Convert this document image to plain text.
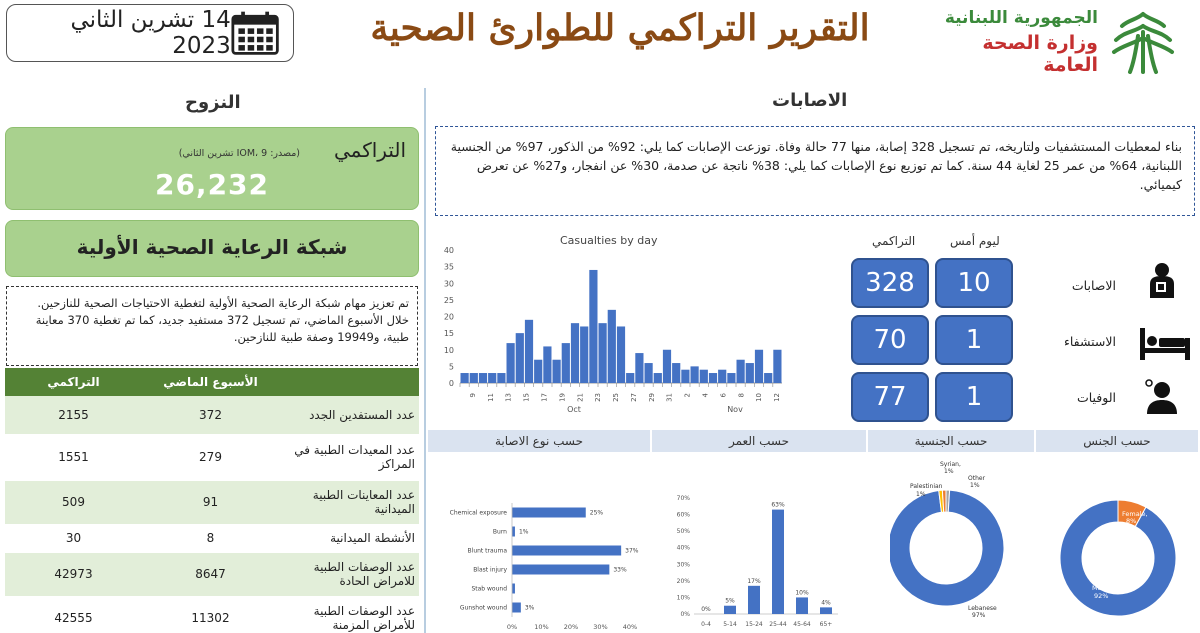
14 تشرين الثاني 2023	التقرير التراكمي للطوارئ الصحية	الجمهورية اللبنانية
وزارة الصحة العامة
النزوح
التراكمي
(مصدر: IOM، 9 تشرين الثاني)
26,232
شبكة الرعاية الصحية الأولية
تم تعزيز مهام شبكة الرعاية الصحية الأولية لتغطية الاحتياجات الصحية للنازحين. خلال الأسبوع الماضي، تم تسجيل 372 مستفيد جديد، كما تم تغطية 370 معاينة طبية، و19949 وصفة طبية للنازحين.
التراكمي	الأسبوع الماضي	
2155	372	عدد المستفدين الجدد
1551	279	عدد المعيدات الطبية في المراكز
509	91	عدد المعاينات الطبية الميدانية
30	8	الأنشطة الميدانية
42973	8647	عدد الوصفات الطبية للامراض الحادة
42555	11302	عدد الوصفات الطبية للأمراض المزمنة
الاصابات
بناء لمعطيات المستشفيات ولتاريخه، تم تسجيل 328 إصابة، منها 77 حالة وفاة. توزعت الإصابات كما يلي: 92% من الذكور، 97% من الجنسية اللبنانية، 64% من عمر 25 لغاية 44 سنة. كما تم توزيع نوع الإصابات كما يلي: 38% ناتجة عن صدمة، 30% عن انفجار، و27% عن تعرض كيميائي.
Casualties by day
0
5
10
15
20
25
30
35
40
9 11 13 15 17 19 21 23 25 27 29 31 2 4 6 8 10 12
Oct	Nov
التراكمي	ليوم أمس
328	10	الاصابات
70	1	الاستشفاء
77	1	الوفيات
حسب الجنس
حسب الجنسية
حسب العمر
حسب نوع الاصابة
Chemical exposure	25%
Burn 1%
Blunt trauma	37%
Blast injury	33%
Stab wound
Gunshot wound	3%
0%	10% 20% 30% 40%
0%
10%
20%
30%
40%
50%
60%
70%
0%
0-4
5%
5-14
17%
15-24
63%
25-44
10%
45-64
4%
65+
Palestinian
1%
Syrian,
1%
Other
1%
Lebanese
97%
Female,
8%
Male
92%
